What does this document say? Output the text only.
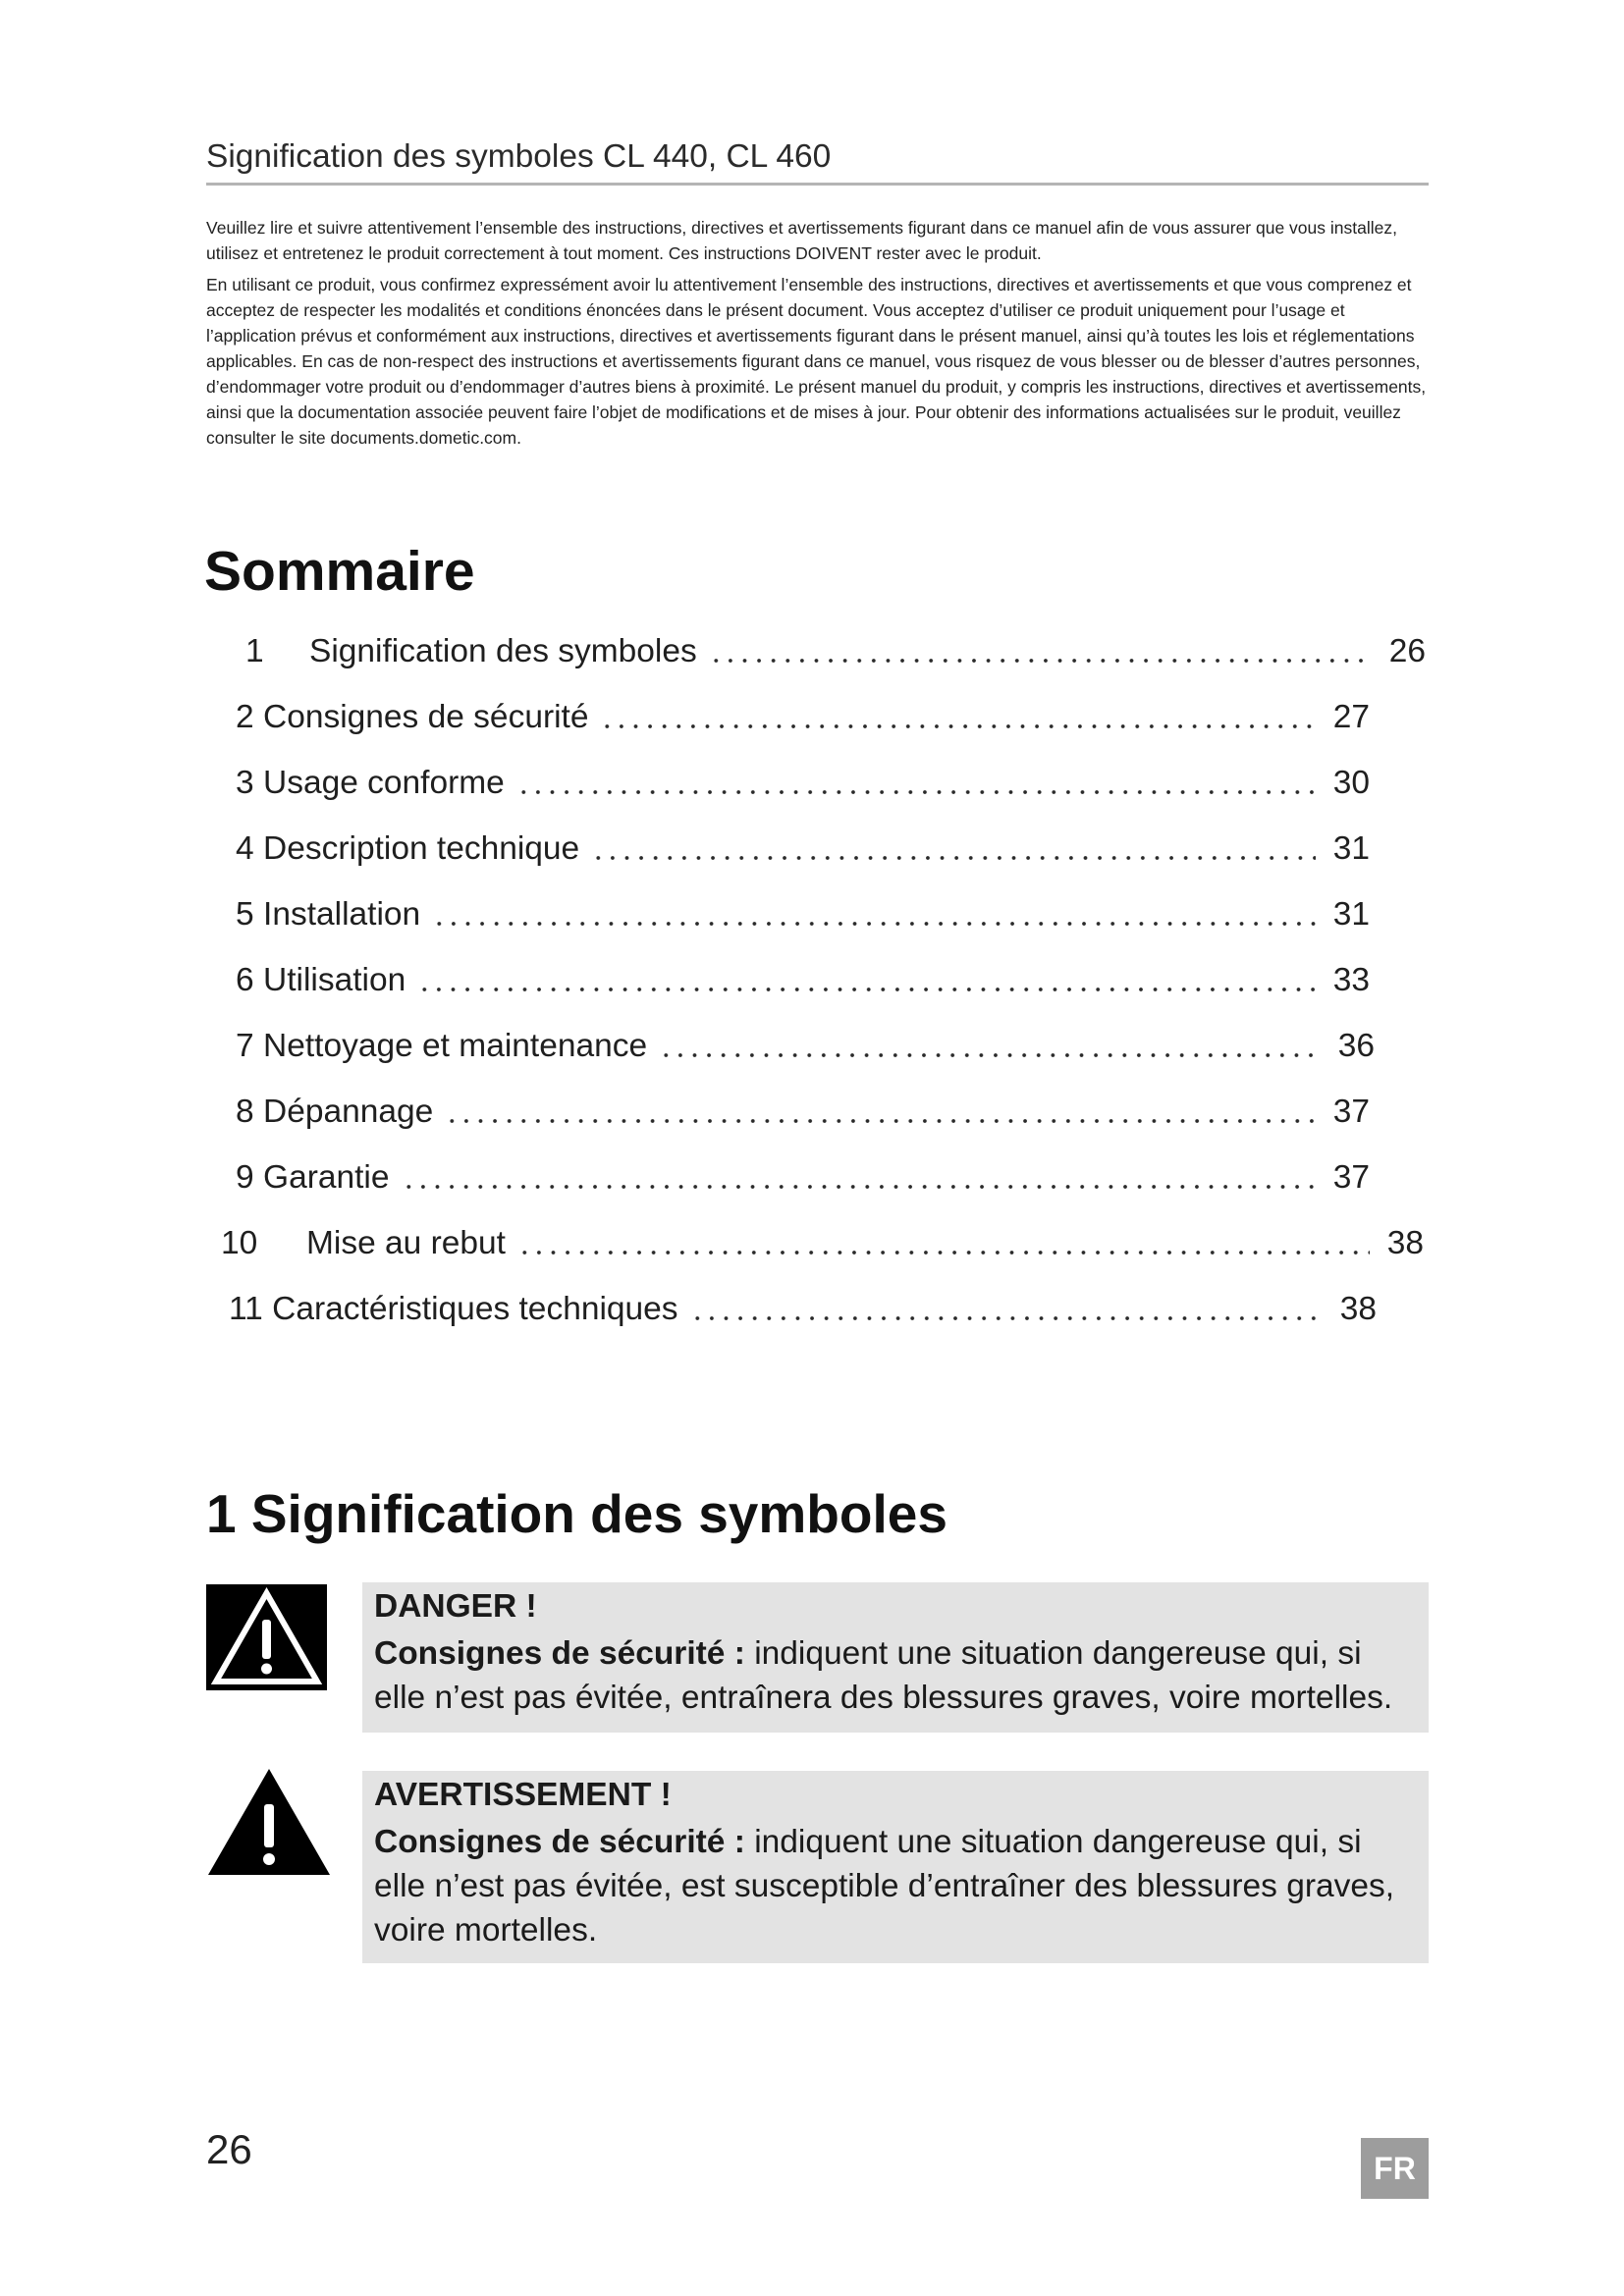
Signification des symboles CL 440, CL 460

Veuillez lire et suivre attentivement l’ensemble des instructions, directives et avertissements figurant dans ce manuel afin de vous assurer que vous installez, utilisez et entretenez le produit correctement à tout moment. Ces instructions DOIVENT rester avec le produit.

En utilisant ce produit, vous confirmez expressément avoir lu attentivement l’ensemble des instructions, directives et avertissements et que vous comprenez et acceptez de respecter les modalités et conditions énoncées dans le présent document. Vous acceptez d’utiliser ce produit uniquement pour l’usage et l’application prévus et conformément aux instructions, directives et avertissements figurant dans le présent manuel, ainsi qu’à toutes les lois et réglementations applicables. En cas de non-respect des instructions et avertissements figurant dans ce manuel, vous risquez de vous blesser ou de blesser d’autres personnes, d’endommager votre produit ou d’endommager d’autres biens à proximité. Le présent manuel du produit, y compris les instructions, directives et avertissements, ainsi que la documentation associée peuvent faire l’objet de modifications et de mises à jour. Pour obtenir des informations actualisées sur le produit, veuillez consulter le site documents.dometic.com.

Sommaire
1	Signification des symboles	26
2 Consignes de sécurité	27
3 Usage conforme	30
4 Description technique	31
5 Installation	31
6 Utilisation	33
7 Nettoyage et maintenance	36
8 Dépannage	37
9 Garantie	37
10	Mise au rebut	38
11 Caractéristiques techniques	38
1 Signification des symboles
DANGER !

Consignes de sécurité : indiquent une situation dangereuse qui, si elle n’est pas évitée, entraînera des blessures graves, voire mortelles.

AVERTISSEMENT !

Consignes de sécurité : indiquent une situation dangereuse qui, si elle n’est pas évitée, est susceptible d’entraîner des blessures graves, voire mortelles.

26	FR
